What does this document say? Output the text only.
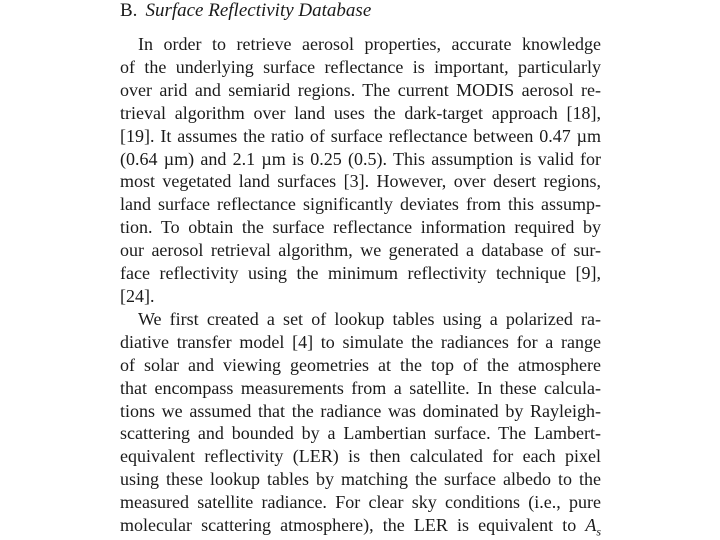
B. Surface Reflectivity Database
In order to retrieve aerosol properties, accurate knowledge
of the underlying surface reflectance is important, particularly
over arid and semiarid regions. The current MODIS aerosol re-
trieval algorithm over land uses the dark-target approach [18],
[19]. It assumes the ratio of surface reflectance between 0.47 µm
(0.64 µm) and 2.1 µm is 0.25 (0.5). This assumption is valid for
most vegetated land surfaces [3]. However, over desert regions,
land surface reflectance significantly deviates from this assump-
tion. To obtain the surface reflectance information required by
our aerosol retrieval algorithm, we generated a database of sur-
face reflectivity using the minimum reflectivity technique [9],
[24].
We first created a set of lookup tables using a polarized ra-
diative transfer model [4] to simulate the radiances for a range
of solar and viewing geometries at the top of the atmosphere
that encompass measurements from a satellite. In these calcula-
tions we assumed that the radiance was dominated by Rayleigh-
scattering and bounded by a Lambertian surface. The Lambert-
equivalent reflectivity (LER) is then calculated for each pixel
using these lookup tables by matching the surface albedo to the
measured satellite radiance. For clear sky conditions (i.e., pure
molecular scattering atmosphere), the LER is equivalent to $A_s$
